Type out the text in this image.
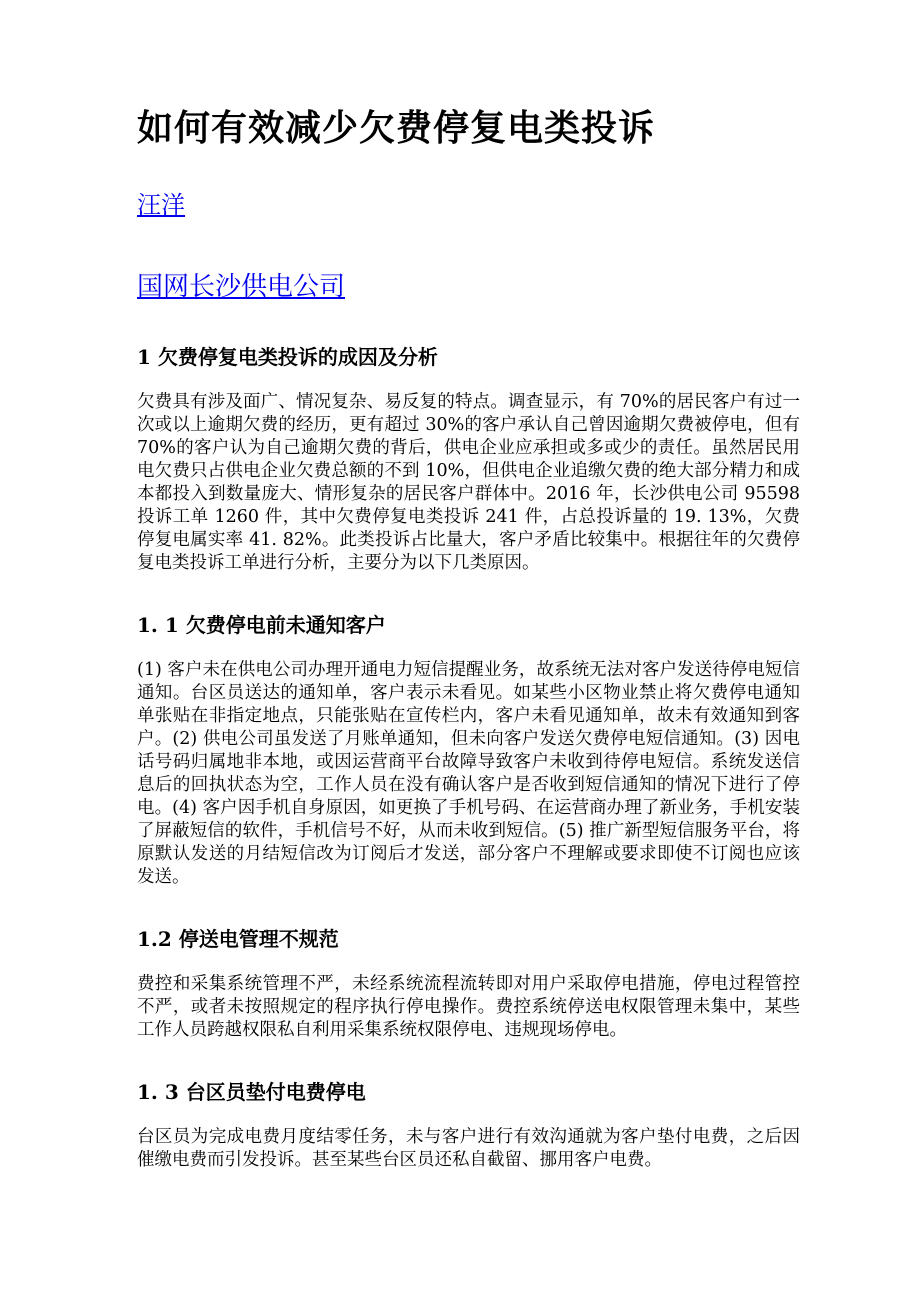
如何有效减少欠费停复电类投诉
汪洋
国网长沙供电公司
1 欠费停复电类投诉的成因及分析

欠费具有涉及面广、情况复杂、易反复的特点。调查显示，有 70%的居民客户有过一次或以上逾期欠费的经历，更有超过 30%的客户承认自己曾因逾期欠费被停电，但有 70%的客户认为自己逾期欠费的背后，供电企业应承担或多或少的责任。虽然居民用电欠费只占供电企业欠费总额的不到 10%，但供电企业追缴欠费的绝大部分精力和成本都投入到数量庞大、情形复杂的居民客户群体中。2016 年，长沙供电公司 95598 投诉工单 1260 件，其中欠费停复电类投诉 241 件，占总投诉量的 19. 13%，欠费停复电属实率 41. 82%。此类投诉占比量大，客户矛盾比较集中。根据往年的欠费停复电类投诉工单进行分析，主要分为以下几类原因。

1. 1 欠费停电前未通知客户

(1) 客户未在供电公司办理开通电力短信提醒业务，故系统无法对客户发送待停电短信通知。台区员送达的通知单，客户表示未看见。如某些小区物业禁止将欠费停电通知单张贴在非指定地点，只能张贴在宣传栏内，客户未看见通知单，故未有效通知到客户。(2) 供电公司虽发送了月账单通知，但未向客户发送欠费停电短信通知。(3) 因电话号码归属地非本地，或因运营商平台故障导致客户未收到待停电短信。系统发送信息后的回执状态为空，工作人员在没有确认客户是否收到短信通知的情况下进行了停电。(4) 客户因手机自身原因，如更换了手机号码、在运营商办理了新业务，手机安装了屏蔽短信的软件，手机信号不好，从而未收到短信。(5) 推广新型短信服务平台，将原默认发送的月结短信改为订阅后才发送，部分客户不理解或要求即使不订阅也应该发送。

1.2 停送电管理不规范

费控和采集系统管理不严，未经系统流程流转即对用户采取停电措施，停电过程管控不严，或者未按照规定的程序执行停电操作。费控系统停送电权限管理未集中，某些工作人员跨越权限私自利用采集系统权限停电、违规现场停电。

1. 3 台区员垫付电费停电

台区员为完成电费月度结零任务，未与客户进行有效沟通就为客户垫付电费，之后因催缴电费而引发投诉。甚至某些台区员还私自截留、挪用客户电费。
